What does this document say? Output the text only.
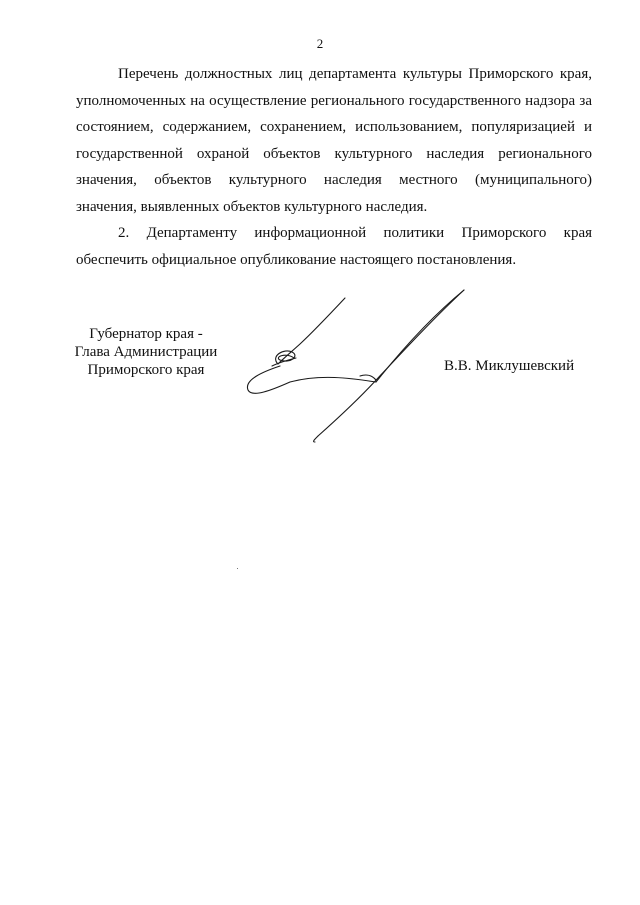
2

Перечень должностных лиц департамента культуры Приморского края,
уполномоченных на осуществление регионального государственного надзора за
состоянием, содержанием, сохранением, использованием, популяризацией и
государственной охраной объектов культурного наследия регионального
значения, объектов культурного наследия местного (муниципального)
значения, выявленных объектов культурного наследия.

2. Департаменту информационной политики Приморского края
обеспечить официальное опубликование настоящего постановления.

Губернатор края -
Глава Администрации
Приморского края	В.В. Миклушевский
